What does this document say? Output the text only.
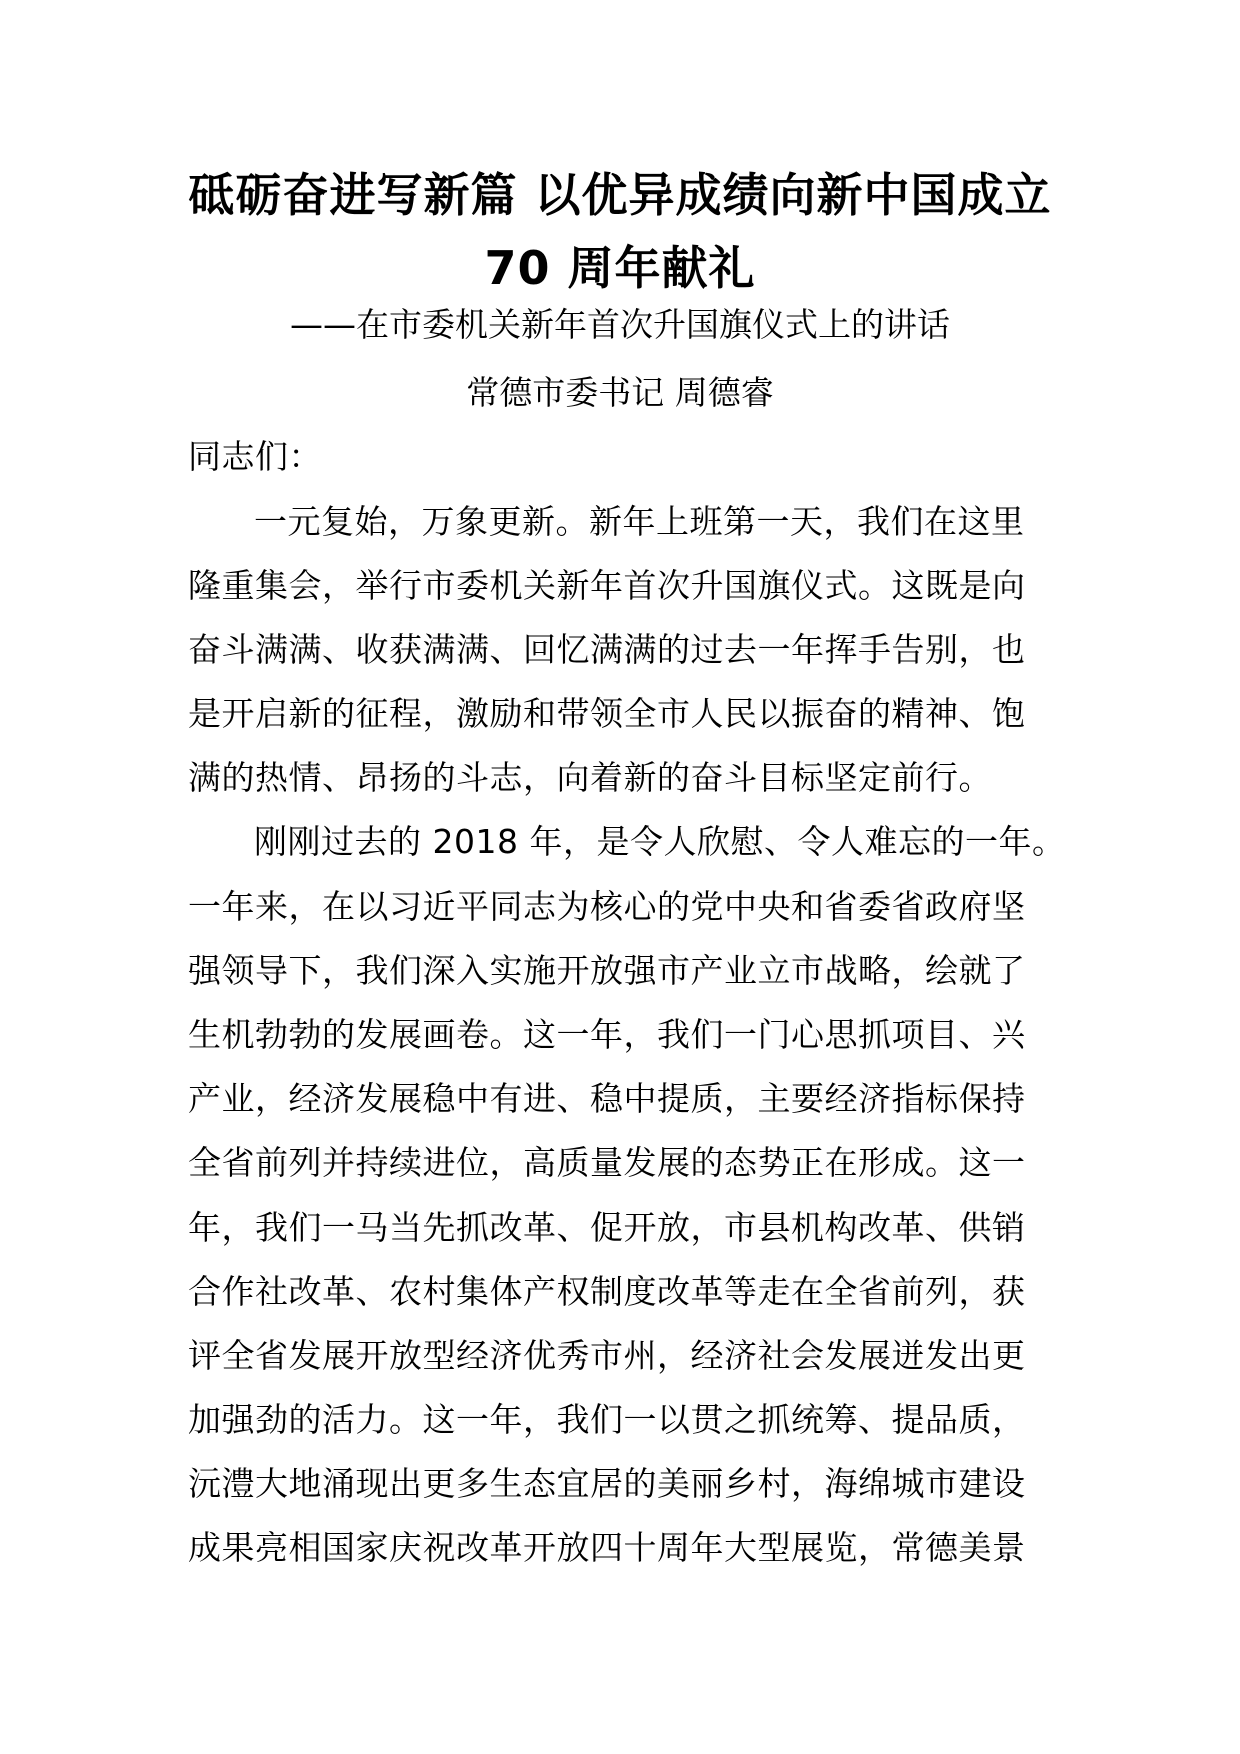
砥砺奋进写新篇 以优异成绩向新中国成立
70 周年献礼
——在市委机关新年首次升国旗仪式上的讲话
常德市委书记 周德睿
同志们：
一元复始，万象更新。新年上班第一天，我们在这里
隆重集会，举行市委机关新年首次升国旗仪式。这既是向
奋斗满满、收获满满、回忆满满的过去一年挥手告别，也
是开启新的征程，激励和带领全市人民以振奋的精神、饱
满的热情、昂扬的斗志，向着新的奋斗目标坚定前行。
刚刚过去的 2018 年，是令人欣慰、令人难忘的一年。
一年来，在以习近平同志为核心的党中央和省委省政府坚
强领导下，我们深入实施开放强市产业立市战略，绘就了
生机勃勃的发展画卷。这一年，我们一门心思抓项目、兴
产业，经济发展稳中有进、稳中提质，主要经济指标保持
全省前列并持续进位，高质量发展的态势正在形成。这一
年，我们一马当先抓改革、促开放，市县机构改革、供销
合作社改革、农村集体产权制度改革等走在全省前列，获
评全省发展开放型经济优秀市州，经济社会发展迸发出更
加强劲的活力。这一年，我们一以贯之抓统筹、提品质，
沅澧大地涌现出更多生态宜居的美丽乡村，海绵城市建设
成果亮相国家庆祝改革开放四十周年大型展览，常德美景
